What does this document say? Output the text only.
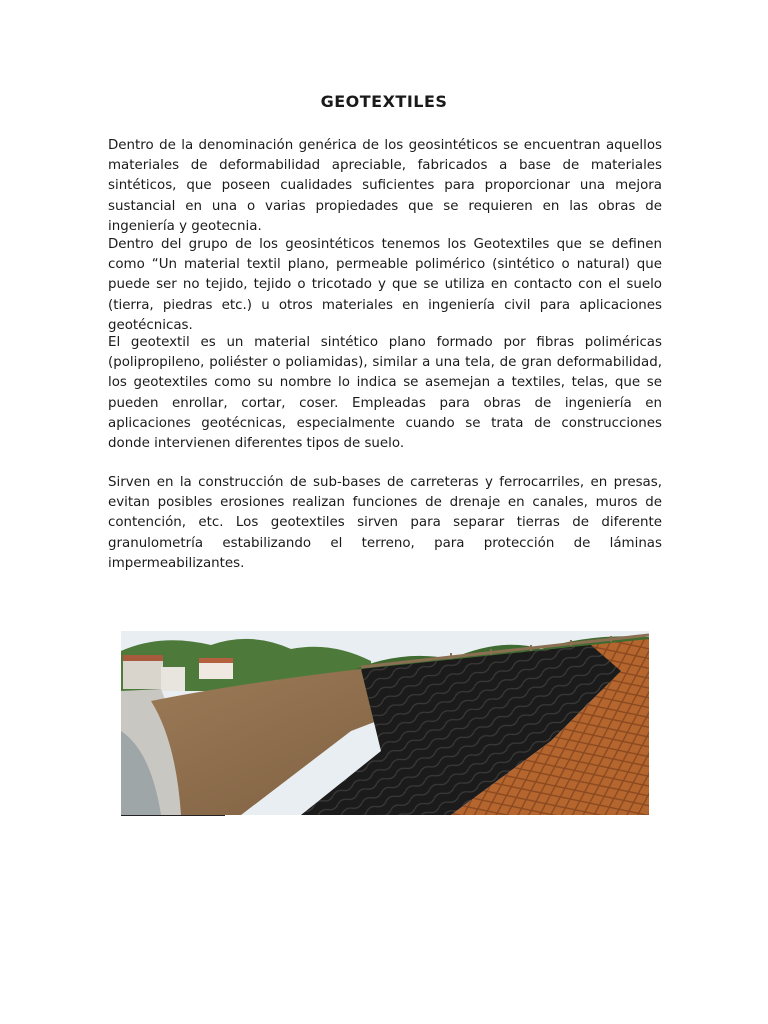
GEOTEXTILES

Dentro de la denominación genérica de los geosintéticos se encuentran aquellos materiales de deformabilidad apreciable, fabricados a base de materiales sintéticos, que poseen cualidades suficientes para proporcionar una mejora sustancial en una o varias propiedades que se requieren en las obras de ingeniería y geotecnia.

Dentro del grupo de los geosintéticos tenemos los Geotextiles que se definen como “Un material textil plano, permeable polimérico (sintético o natural) que puede ser no tejido, tejido o tricotado y que se utiliza en contacto con el suelo (tierra, piedras etc.) u otros materiales en ingeniería civil para aplicaciones geotécnicas.

El geotextil es un material sintético plano formado por fibras poliméricas (polipropileno, poliéster o poliamidas), similar a una tela, de gran deformabilidad, los geotextiles como su nombre lo indica se asemejan a textiles, telas, que se pueden enrollar, cortar, coser. Empleadas para obras de ingeniería en aplicaciones geotécnicas, especialmente cuando se trata de construcciones donde intervienen diferentes tipos de suelo.

Sirven en la construcción de sub-bases de carreteras y ferrocarriles, en presas, evitan posibles erosiones realizan funciones de drenaje en canales, muros de contención, etc. Los geotextiles sirven para separar tierras de diferente granulometría estabilizando el terreno, para protección de láminas impermeabilizantes.
